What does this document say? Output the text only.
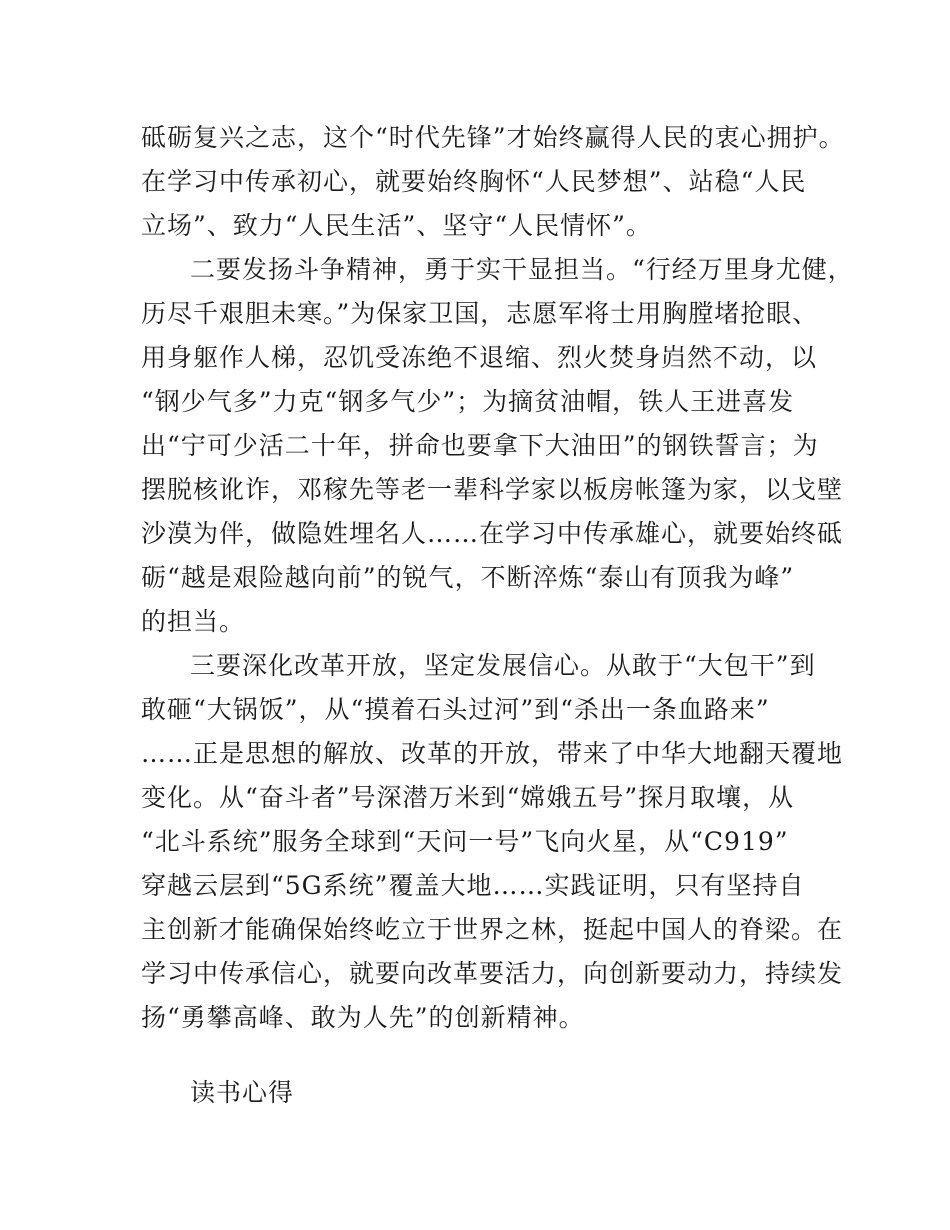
砥砺复兴之志，这个“时代先锋”才始终赢得人民的衷心拥护。
在学习中传承初心，就要始终胸怀“人民梦想”、站稳“人民
立场”、致力“人民生活”、坚守“人民情怀”。
二要发扬斗争精神，勇于实干显担当。“行经万里身尤健，
历尽千艰胆未寒。”为保家卫国，志愿军将士用胸膛堵抢眼、
用身躯作人梯，忍饥受冻绝不退缩、烈火焚身岿然不动，以
“钢少气多”力克“钢多气少”；为摘贫油帽，铁人王进喜发
出“宁可少活二十年，拼命也要拿下大油田”的钢铁誓言；为
摆脱核讹诈，邓稼先等老一辈科学家以板房帐篷为家，以戈壁
沙漠为伴，做隐姓埋名人……在学习中传承雄心，就要始终砥
砺“越是艰险越向前”的锐气，不断淬炼“泰山有顶我为峰”
的担当。
三要深化改革开放，坚定发展信心。从敢于“大包干”到
敢砸“大锅饭”，从“摸着石头过河”到“杀出一条血路来”
……正是思想的解放、改革的开放，带来了中华大地翻天覆地
变化。从“奋斗者”号深潜万米到“嫦娥五号”探月取壤，从
“北斗系统”服务全球到“天问一号”飞向火星，从“C919”
穿越云层到“5G系统”覆盖大地……实践证明，只有坚持自
主创新才能确保始终屹立于世界之林，挺起中国人的脊梁。在
学习中传承信心，就要向改革要活力，向创新要动力，持续发
扬“勇攀高峰、敢为人先”的创新精神。
读书心得
